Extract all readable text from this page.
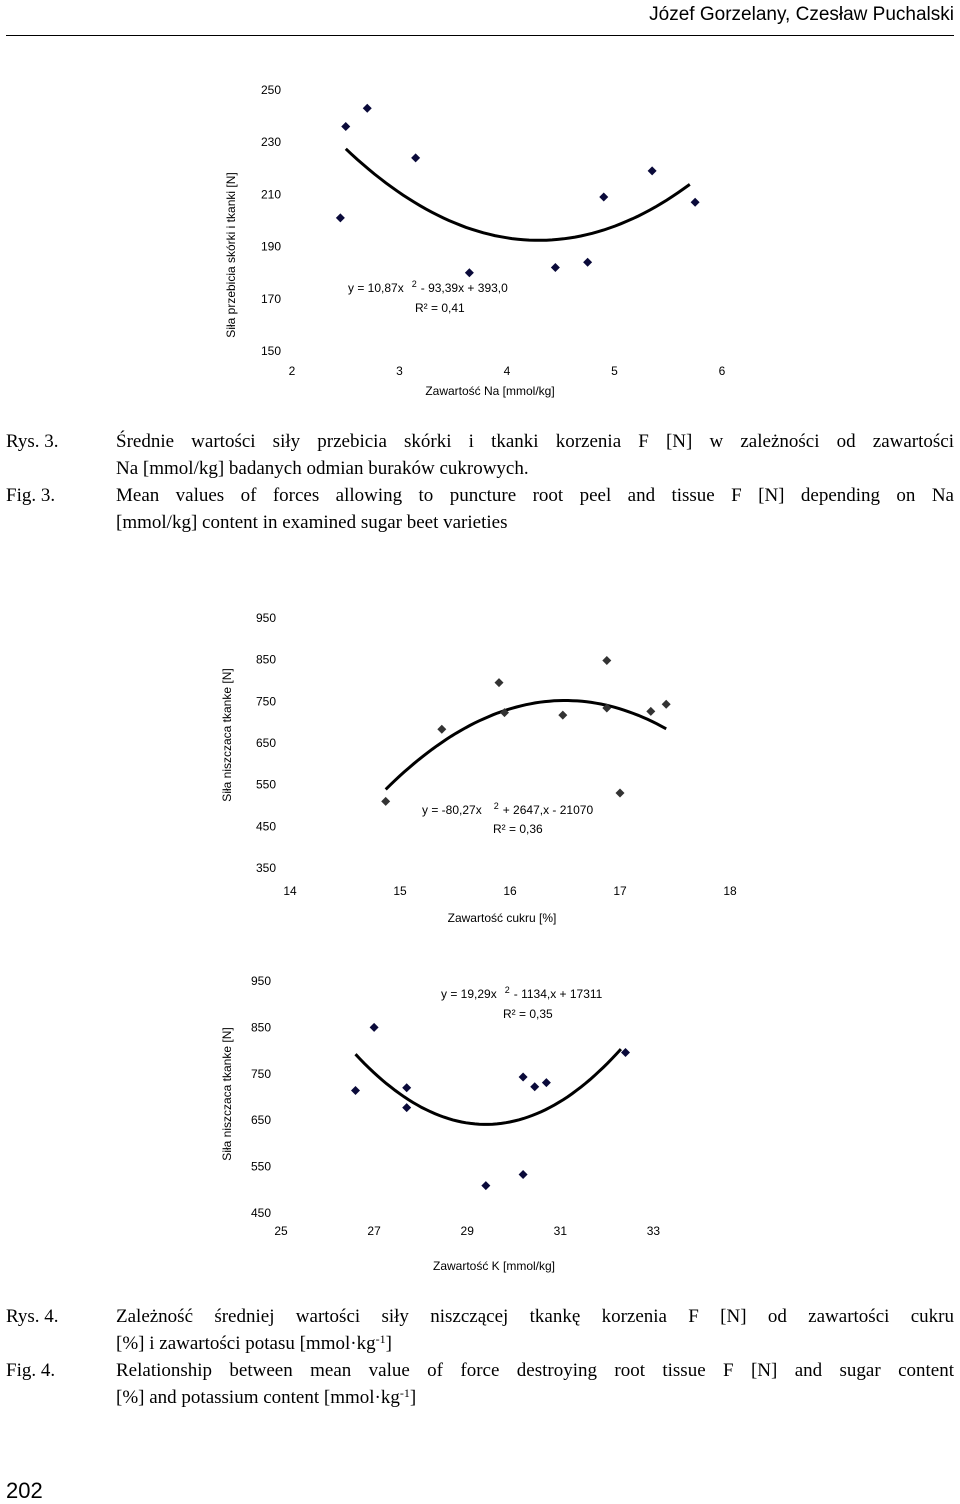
Józef Gorzelany, Czesław Puchalski
Siła przebicia skórki i tkanki [N]
Zawartość Na [mmol/kg]
250
230
210
190
170
150
2	3	4	5	6
y = 10,87x $^2$ - 93,39x + 393,0
R² = 0,41
Rys. 3.
Fig. 3.
Średnie wartości siły przebicia skórki i tkanki korzenia F [N] w zależności od zawartości
Na [mmol/kg] badanych odmian buraków cukrowych.
Mean values of forces allowing to puncture root peel and tissue F [N] depending on Na
[mmol/kg] content in examined sugar beet varieties
Siła niszczaca tkanke [N]
Zawartość cukru [%]
950
850
750
650
550
450
350
14	15	16	17	18
y = -80,27x $^2$ + 2647,x - 21070
R² = 0,36
Siła niszczaca tkanke [N]
Zawartość K [mmol/kg]
950
850
750
650
550
450
25	27	29	31	33
y = 19,29x $^2$ - 1134,x + 17311
R² = 0,35
Rys. 4.
Fig. 4.
Zależność średniej wartości siły niszczącej tkankę korzenia F [N] od zawartości cukru
[%] i zawartości potasu $[mmol\cdot kg^{-1}]$
Relationship between mean value of force destroying root tissue F [N] and sugar content
[%] and potassium content $[mmol\cdot kg^{-1}]$
202
